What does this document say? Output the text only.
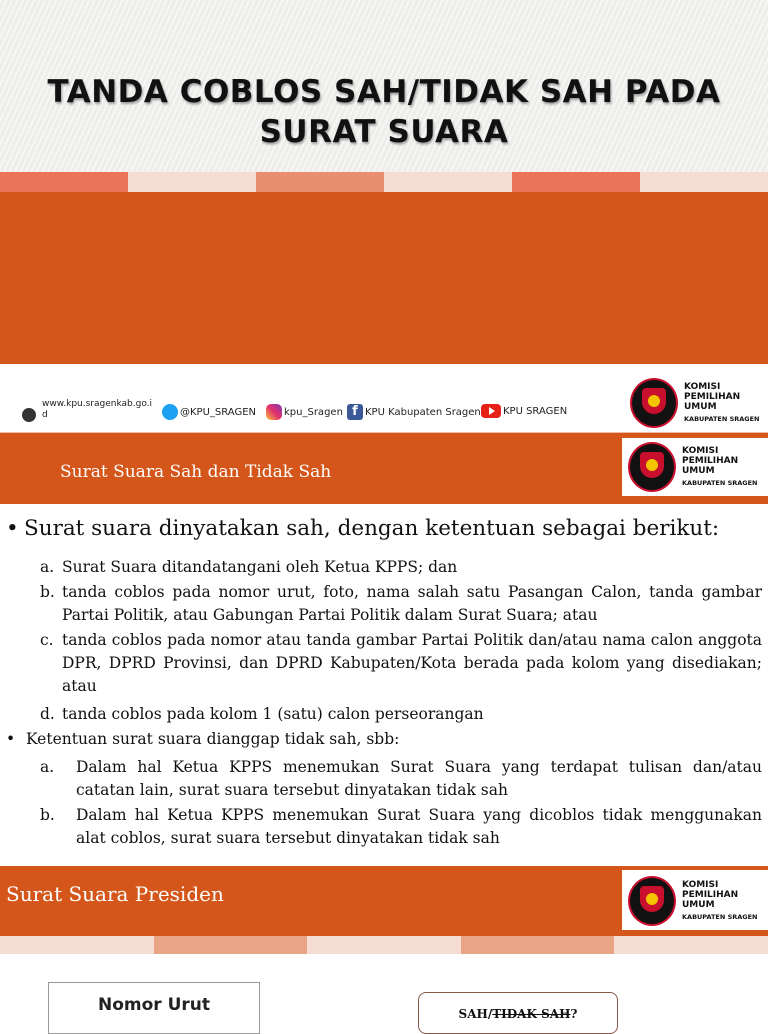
TANDA COBLOS SAH/TIDAK SAH PADA
SURAT SUARA
www.kpu.sragenkab.go.id	@KPU_SRAGEN	kpu_Sragen f KPU Kabupaten Sragen KPU SRAGEN
KOMISI
PEMILIHAN
UMUM
KABUPATEN SRAGEN
Surat Suara Sah dan Tidak Sah
KOMISI
PEMILIHAN
UMUM
KABUPATEN SRAGEN
• Surat suara dinyatakan sah, dengan ketentuan sebagai berikut:
a. Surat Suara ditandatangani oleh Ketua KPPS; dan
b. tanda coblos pada nomor urut, foto, nama salah satu Pasangan Calon, tanda gambar Partai Politik, atau Gabungan Partai Politik dalam Surat Suara; atau
c. tanda coblos pada nomor atau tanda gambar Partai Politik dan/atau nama calon anggota DPR, DPRD Provinsi, dan DPRD Kabupaten/Kota berada pada kolom yang disediakan; atau
d. tanda coblos pada kolom 1 (satu) calon perseorangan
• Ketentuan surat suara dianggap tidak sah, sbb:
a. Dalam hal Ketua KPPS menemukan Surat Suara yang terdapat tulisan dan/atau catatan lain, surat suara tersebut dinyatakan tidak sah
b. Dalam hal Ketua KPPS menemukan Surat Suara yang dicoblos tidak menggunakan alat coblos, surat suara tersebut dinyatakan tidak sah
Surat Suara Presiden	KOMISI
PEMILIHAN
UMUM
KABUPATEN SRAGEN
Nomor Urut	SAH/TIDAK SAH?
